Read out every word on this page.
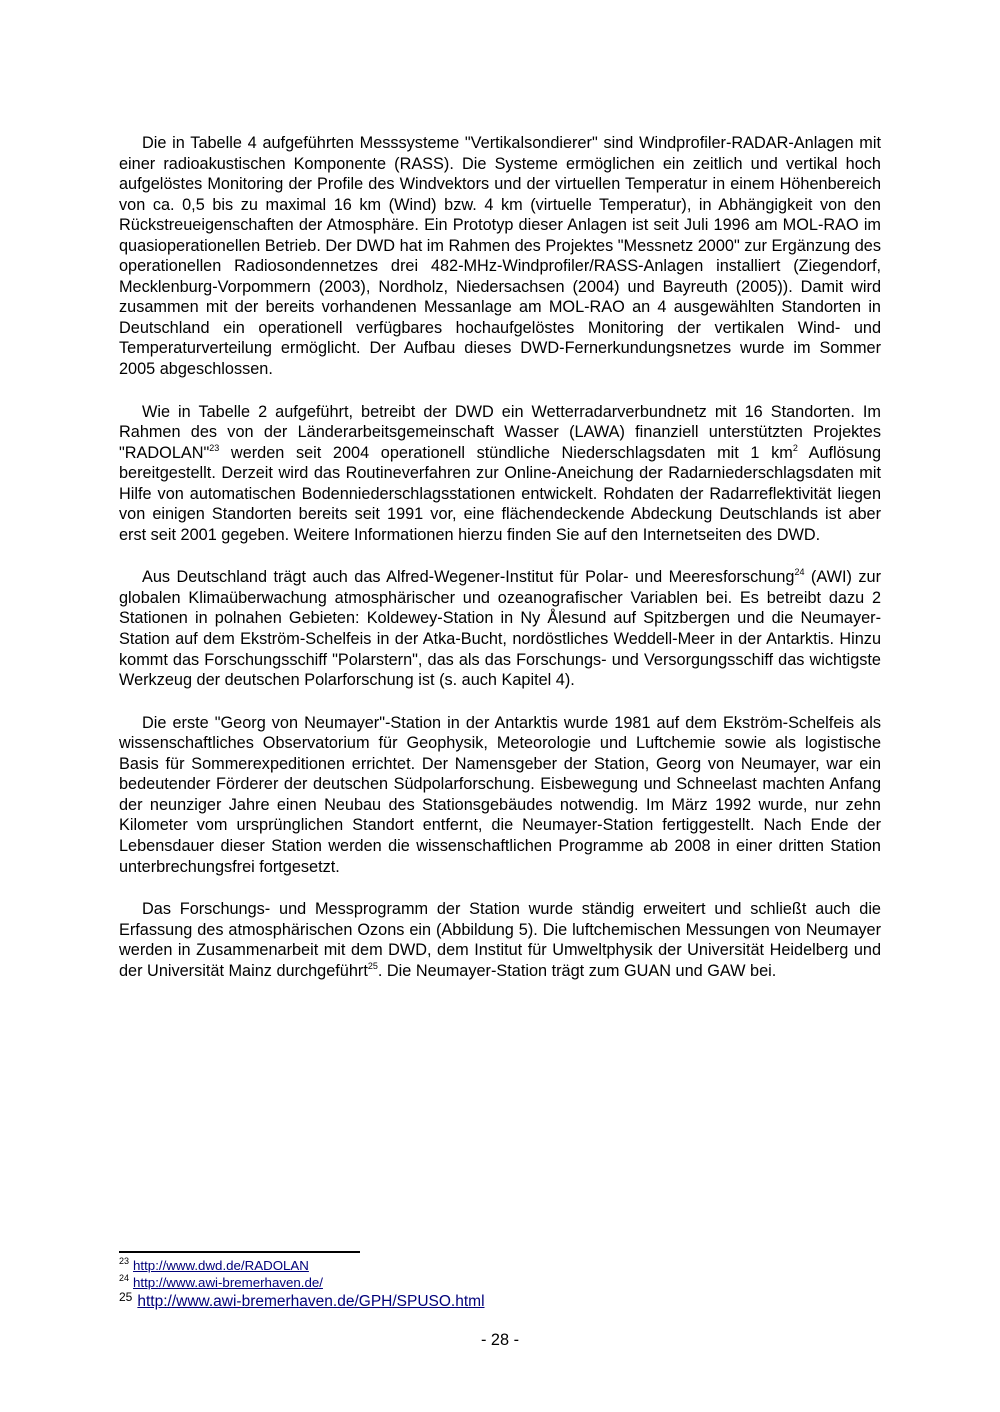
Die in Tabelle 4 aufgeführten Messsysteme "Vertikalsondierer" sind Windprofiler-RADAR-Anlagen mit einer radioakustischen Komponente (RASS). Die Systeme ermöglichen ein zeitlich und vertikal hoch aufgelöstes Monitoring der Profile des Windvektors und der virtuellen Temperatur in einem Höhenbereich von ca. 0,5 bis zu maximal 16 km (Wind) bzw. 4 km (virtuelle Temperatur), in Abhängigkeit von den Rückstreueigenschaften der Atmosphäre. Ein Prototyp dieser Anlagen ist seit Juli 1996 am MOL-RAO im quasioperationellen Betrieb. Der DWD hat im Rahmen des Projektes "Messnetz 2000" zur Ergänzung des operationellen Radiosondennetzes drei 482-MHz-Windprofiler/RASS-Anlagen installiert (Ziegendorf, Mecklenburg-Vorpommern (2003), Nordholz, Niedersachsen (2004) und Bayreuth (2005)). Damit wird zusammen mit der bereits vorhandenen Messanlage am MOL-RAO an 4 ausgewählten Standorten in Deutschland ein operationell verfügbares hochaufgelöstes Monitoring der vertikalen Wind- und Temperaturverteilung ermöglicht. Der Aufbau dieses DWD-Fernerkundungsnetzes wurde im Sommer 2005 abgeschlossen.

Wie in Tabelle 2 aufgeführt, betreibt der DWD ein Wetterradarverbundnetz mit 16 Standorten. Im Rahmen des von der Länderarbeitsgemeinschaft Wasser (LAWA) finanziell unterstützten Projektes "RADOLAN"$^{23}$ werden seit 2004 operationell stündliche Niederschlagsdaten mit 1 $km^2$ Auflösung bereitgestellt. Derzeit wird das Routineverfahren zur Online-Aneichung der Radarniederschlagsdaten mit Hilfe von automatischen Bodenniederschlagsstationen entwickelt. Rohdaten der Radarreflektivität liegen von einigen Standorten bereits seit 1991 vor, eine flächendeckende Abdeckung Deutschlands ist aber erst seit 2001 gegeben. Weitere Informationen hierzu finden Sie auf den Internetseiten des DWD.

Aus Deutschland trägt auch das Alfred-Wegener-Institut für Polar- und Meeresforschung$^{24}$ (AWI) zur globalen Klimaüberwachung atmosphärischer und ozeanografischer Variablen bei. Es betreibt dazu 2 Stationen in polnahen Gebieten: Koldewey-Station in Ny Ålesund auf Spitzbergen und die Neumayer-Station auf dem Ekström-Schelfeis in der Atka-Bucht, nordöstliches Weddell-Meer in der Antarktis. Hinzu kommt das Forschungsschiff "Polarstern", das als das Forschungs- und Versorgungsschiff das wichtigste Werkzeug der deutschen Polarforschung ist (s. auch Kapitel 4).

Die erste "Georg von Neumayer"-Station in der Antarktis wurde 1981 auf dem Ekström-Schelfeis als wissenschaftliches Observatorium für Geophysik, Meteorologie und Luftchemie sowie als logistische Basis für Sommerexpeditionen errichtet. Der Namensgeber der Station, Georg von Neumayer, war ein bedeutender Förderer der deutschen Südpolarforschung. Eisbewegung und Schneelast machten Anfang der neunziger Jahre einen Neubau des Stationsgebäudes notwendig. Im März 1992 wurde, nur zehn Kilometer vom ursprünglichen Standort entfernt, die Neumayer-Station fertiggestellt. Nach Ende der Lebensdauer dieser Station werden die wissenschaftlichen Programme ab 2008 in einer dritten Station unterbrechungsfrei fortgesetzt.

Das Forschungs- und Messprogramm der Station wurde ständig erweitert und schließt auch die Erfassung des atmosphärischen Ozons ein (Abbildung 5). Die luftchemischen Messungen von Neumayer werden in Zusammenarbeit mit dem DWD, dem Institut für Umweltphysik der Universität Heidelberg und der Universität Mainz durchgeführt$^{25}$. Die Neumayer-Station trägt zum GUAN und GAW bei.

$^{23}$ http://www.dwd.de/RADOLAN
$^{24}$ http://www.awi-bremerhaven.de/
$^{25}$ http://www.awi-bremerhaven.de/GPH/SPUSO.html
- 28 -
